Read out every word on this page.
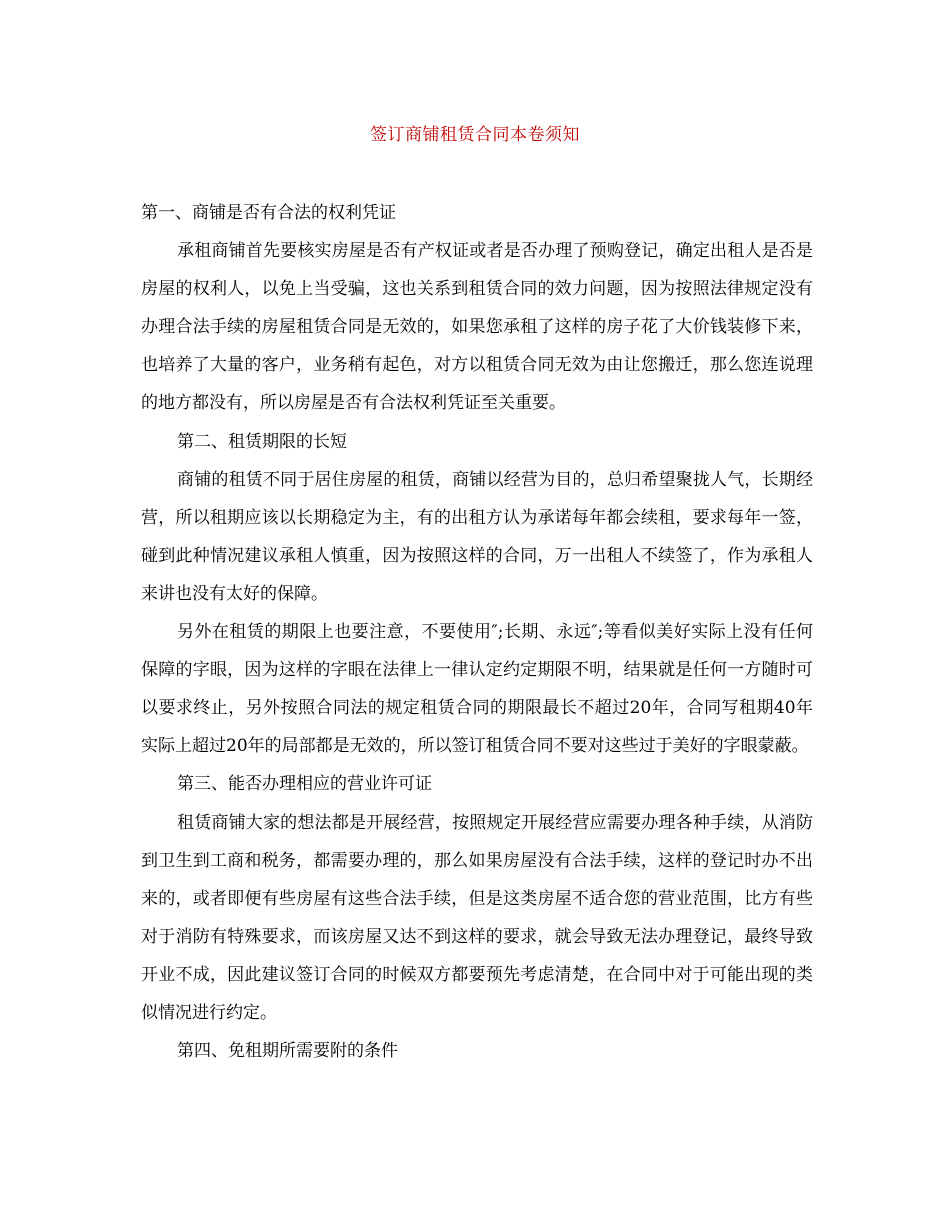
签订商铺租赁合同本卷须知

第一、商铺是否有合法的权利凭证

承租商铺首先要核实房屋是否有产权证或者是否办理了预购登记，确定出租人是否是房屋的权利人，以免上当受骗，这也关系到租赁合同的效力问题，因为按照法律规定没有办理合法手续的房屋租赁合同是无效的，如果您承租了这样的房子花了大价钱装修下来，也培养了大量的客户，业务稍有起色，对方以租赁合同无效为由让您搬迁，那么您连说理的地方都没有，所以房屋是否有合法权利凭证至关重要。

第二、租赁期限的长短

商铺的租赁不同于居住房屋的租赁，商铺以经营为目的，总归希望聚拢人气，长期经营，所以租期应该以长期稳定为主，有的出租方认为承诺每年都会续租，要求每年一签，碰到此种情况建议承租人慎重，因为按照这样的合同，万一出租人不续签了，作为承租人来讲也没有太好的保障。

另外在租赁的期限上也要注意，不要使用″;长期、永远″;等看似美好实际上没有任何保障的字眼，因为这样的字眼在法律上一律认定约定期限不明，结果就是任何一方随时可以要求终止，另外按照合同法的规定租赁合同的期限最长不超过20年，合同写租期40年实际上超过20年的局部都是无效的，所以签订租赁合同不要对这些过于美好的字眼蒙蔽。

第三、能否办理相应的营业许可证

租赁商铺大家的想法都是开展经营，按照规定开展经营应需要办理各种手续，从消防到卫生到工商和税务，都需要办理的，那么如果房屋没有合法手续，这样的登记时办不出来的，或者即便有些房屋有这些合法手续，但是这类房屋不适合您的营业范围，比方有些对于消防有特殊要求，而该房屋又达不到这样的要求，就会导致无法办理登记，最终导致开业不成，因此建议签订合同的时候双方都要预先考虑清楚，在合同中对于可能出现的类似情况进行约定。

第四、免租期所需要附的条件
